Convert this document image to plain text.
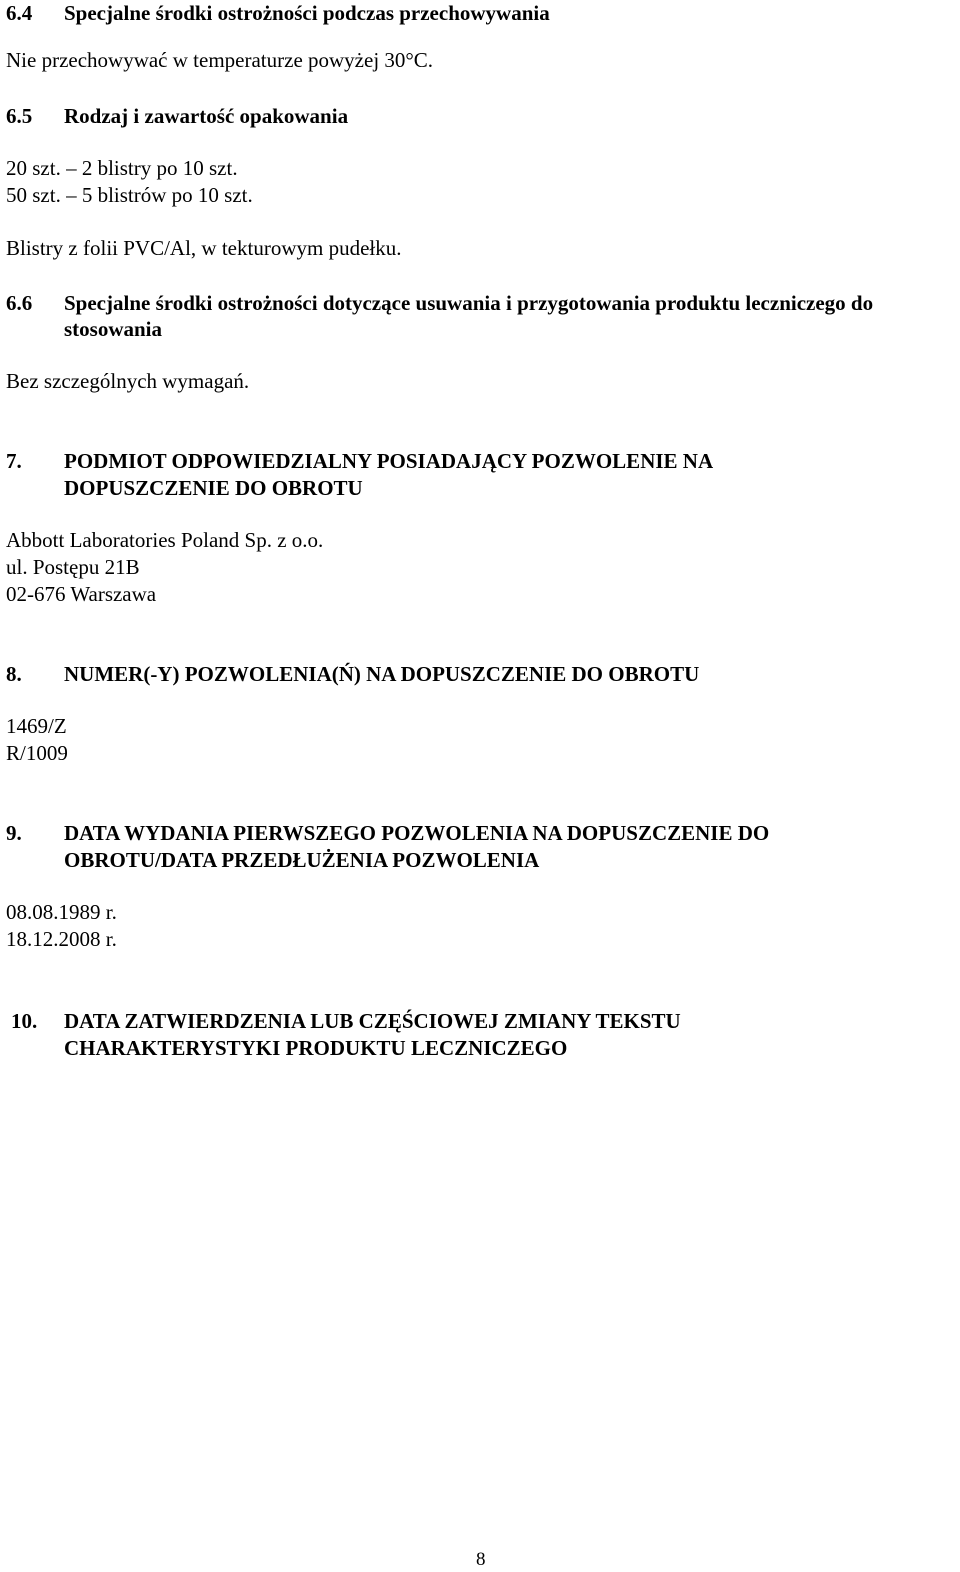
6.4 Specjalne środki ostrożności podczas przechowywania
Nie przechowywać w temperaturze powyżej 30°C.
6.5 Rodzaj i zawartość opakowania
20 szt. – 2 blistry po 10 szt.
50 szt. – 5 blistrów po 10 szt.
Blistry z folii PVC/Al, w tekturowym pudełku.
6.6 Specjalne środki ostrożności dotyczące usuwania i przygotowania produktu leczniczego do
stosowania
Bez szczególnych wymagań.
7. PODMIOT ODPOWIEDZIALNY POSIADAJĄCY POZWOLENIE NA
DOPUSZCZENIE DO OBROTU
Abbott Laboratories Poland Sp. z o.o.
ul. Postępu 21B
02-676 Warszawa
8. NUMER(-Y) POZWOLENIA(Ń) NA DOPUSZCZENIE DO OBROTU
1469/Z
R/1009
9. DATA WYDANIA PIERWSZEGO POZWOLENIA NA DOPUSZCZENIE DO
OBROTU/DATA PRZEDŁUŻENIA POZWOLENIA
08.08.1989 r.
18.12.2008 r.
10. DATA ZATWIERDZENIA LUB CZĘŚCIOWEJ ZMIANY TEKSTU
CHARAKTERYSTYKI PRODUKTU LECZNICZEGO
8
